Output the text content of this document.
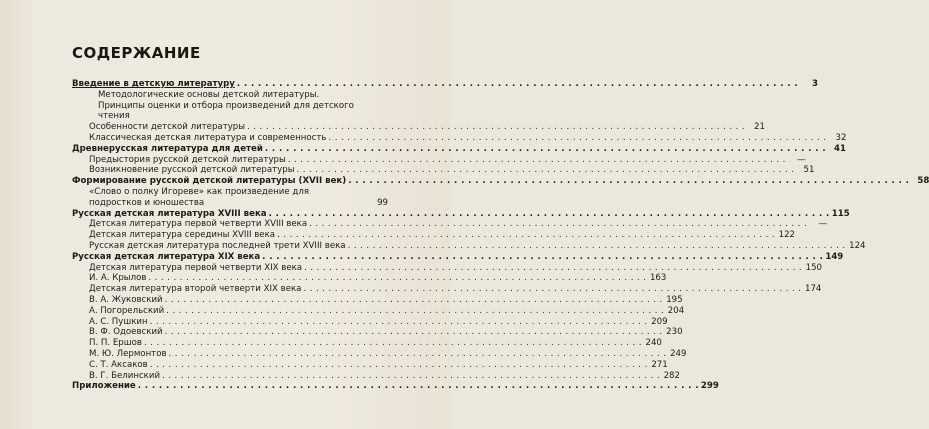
СОДЕРЖАНИЕ
Введение в детскую литературу . . .	3
Методологические основы детской литературы. Принципы оценки и отбора произведений для детского чтения
Особенности детской литературы . . .	21
Классическая детская литература и современность . . .	32
Древнерусская литература для детей . . .	41
Предыстория русской детской литературы . . .	—
Возникновение русской детской литературы . . .	51
Формирование русской детской литературы (XVII век) . . .	58
«Слово о полку Игореве» как произведение для подростков и юношества	99
Русская детская литература XVIII века . . .	115
Детская литература первой четверти XVIII века . . .	—
Детская литература середины XVIII века . . .	122
Русская детская литература последней трети XVIII века . . .	124
Русская детская литература XIX века . . .	149
Детская литература первой четверти XIX века . . .	150
И. А. Крылов . . .	163
Детская литература второй четверти XIX века . . .	174
В. А. Жуковский . . .	195
А. Погорельский . . .	204
А. С. Пушкин . . .	209
В. Ф. Одоевский . . .	230
П. П. Ершов . . .	240
М. Ю. Лермонтов . . .	249
С. Т. Аксаков . . .	271
В. Г. Белинский . . .	282
Приложение . . .	299
